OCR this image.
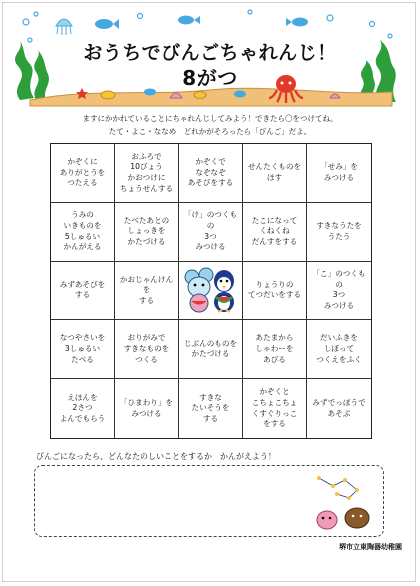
おうちでびんごちゃれんじ！
8がつ
ますにかかれていることにちゃれんじしてみよう！できたら〇をつけてね。
たて・よこ・ななめ　どれかがそろったら「びんご」だよ。
かぞくに
ありがとうを
つたえる
おふろで
10びょう
かおつけに
ちょうせんする
かぞくで
なぞなぞ
あそびをする
せんたくものを
ほす
「せみ」を
みつける
うみの
いきものを
5しゅるい
かんがえる
たべたあとの
しょっきを
かたづける
「け」のつくもの
3つ
みつける
たこになって
くねくね
だんすをする
すきなうたを
うたう
みずあそびを
する
かおじゃんけんを
する
りょうりの
てつだいをする
「こ」のつくもの
3つ
みつける
なつやさいを
3しゅるい
たべる
おりがみで
すきなものを
つくる
じぶんのものを
かたづける
あたまから
しゃわーを
あびる
だいふきを
しぼって
つくえをふく
えほんを
2さつ
よんでもらう
「ひまわり」を
みつける
すきな
たいそうを
する
かぞくと
こちょこちょ
くすぐりっこ
をする
みずでっぽうで
あそぶ
びんごになったら、どんなたのしいことをするか　かんがえよう！
堺市立東陶器幼稚園
